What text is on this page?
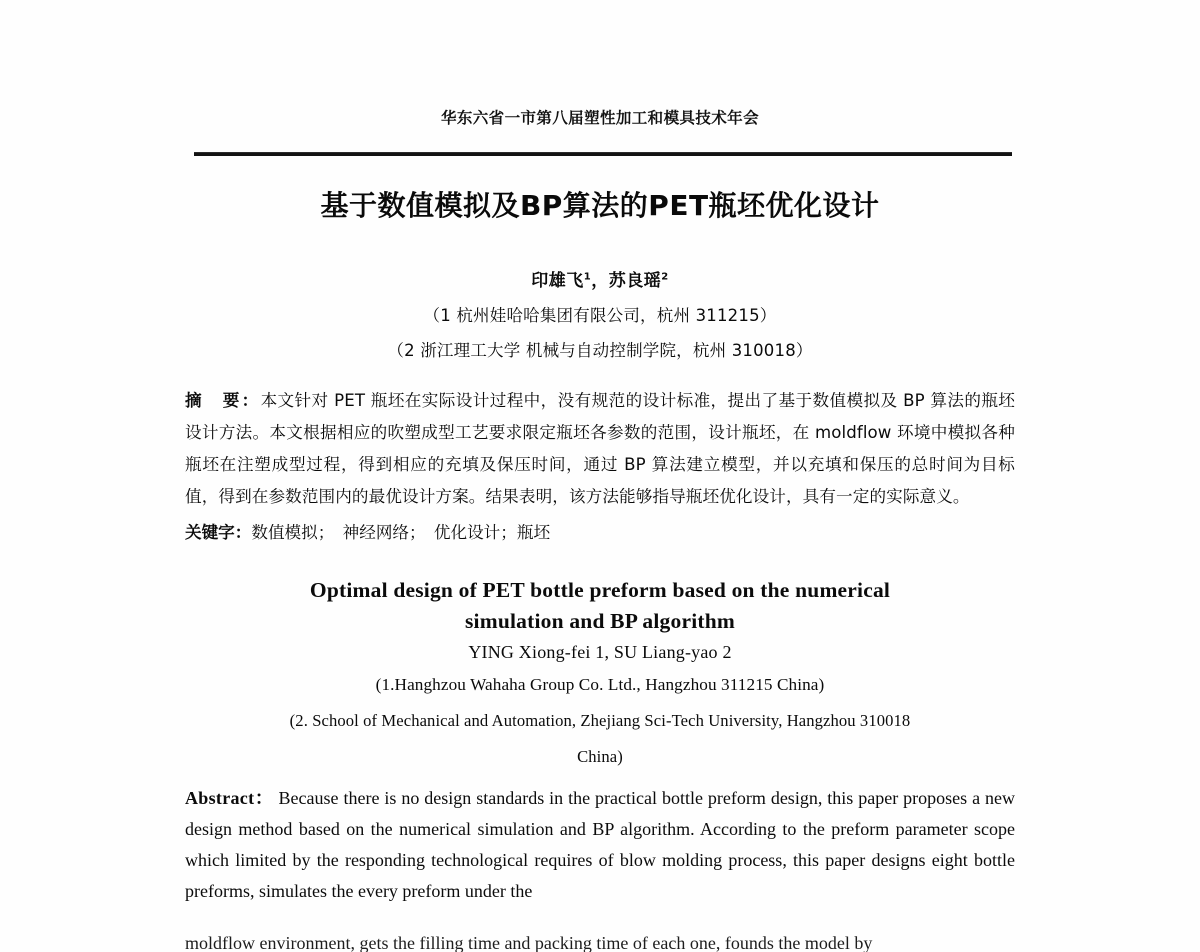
华东六省一市第八届塑性加工和模具技术年会
基于数值模拟及BP算法的PET瓶坯优化设计
印雄飞$^1$，苏良瑶$^2$
（1 杭州娃哈哈集团有限公司，杭州 311215）
（2 浙江理工大学 机械与自动控制学院，杭州 310018）
摘　要：本文针对 PET 瓶坯在实际设计过程中，没有规范的设计标准，提出了基于数值模拟及 BP 算法的瓶坯设计方法。本文根据相应的吹塑成型工艺要求限定瓶坯各参数的范围，设计瓶坯，在 moldflow 环境中模拟各种瓶坯在注塑成型过程，得到相应的充填及保压时间，通过 BP 算法建立模型，并以充填和保压的总时间为目标值，得到在参数范围内的最优设计方案。结果表明，该方法能够指导瓶坯优化设计，具有一定的实际意义。
关键字：数值模拟；　神经网络；　优化设计；瓶坯
Optimal design of PET bottle preform based on the numerical
simulation and BP algorithm
YING Xiong-fei 1, SU Liang-yao 2
(1.Hanghzou Wahaha Group Co. Ltd., Hangzhou 311215 China)
(2. School of Mechanical and Automation, Zhejiang Sci-Tech University, Hangzhou 310018
China)
Abstract： Because there is no design standards in the practical bottle preform design, this paper proposes a new design method based on the numerical simulation and BP algorithm. According to the preform parameter scope which limited by the responding technological requires of blow molding process, this paper designs eight bottle preforms, simulates the every preform under the
moldflow environment, gets the filling time and packing time of each one, founds the model by
